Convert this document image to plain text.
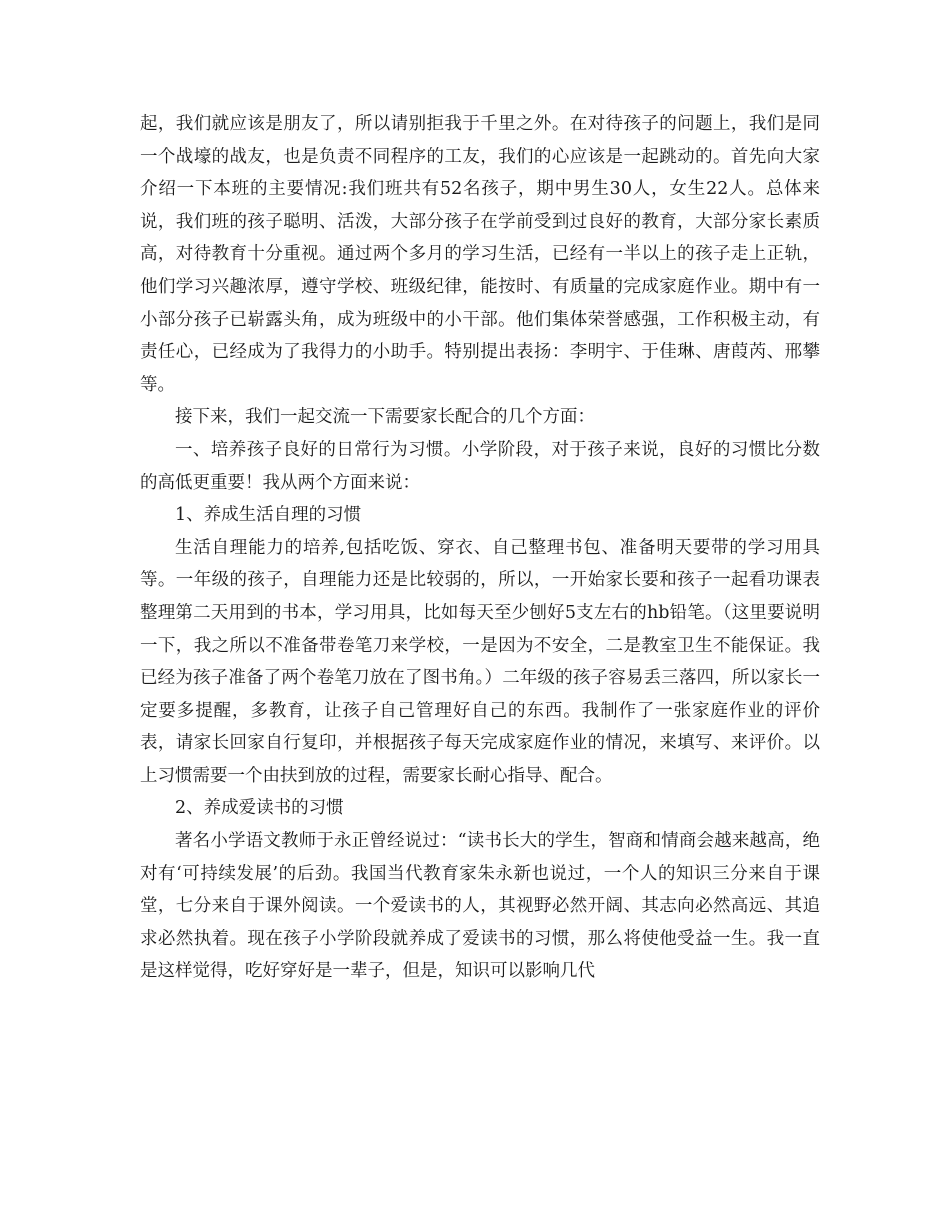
起，我们就应该是朋友了，所以请别拒我于千里之外。在对待孩子的问题上，我们是同一个战壕的战友，也是负责不同程序的工友，我们的心应该是一起跳动的。首先向大家介绍一下本班的主要情况:我们班共有52名孩子，期中男生30人，女生22人。总体来说，我们班的孩子聪明、活泼，大部分孩子在学前受到过良好的教育，大部分家长素质高，对待教育十分重视。通过两个多月的学习生活，已经有一半以上的孩子走上正轨，他们学习兴趣浓厚，遵守学校、班级纪律，能按时、有质量的完成家庭作业。期中有一小部分孩子已崭露头角，成为班级中的小干部。他们集体荣誉感强，工作积极主动，有责任心，已经成为了我得力的小助手。特别提出表扬：李明宇、于佳琳、唐葭芮、邢攀等。

接下来，我们一起交流一下需要家长配合的几个方面：

一、培养孩子良好的日常行为习惯。小学阶段，对于孩子来说，良好的习惯比分数的高低更重要！我从两个方面来说：

1、养成生活自理的习惯

生活自理能力的培养,包括吃饭、穿衣、自己整理书包、准备明天要带的学习用具等。一年级的孩子，自理能力还是比较弱的，所以，一开始家长要和孩子一起看功课表整理第二天用到的书本，学习用具，比如每天至少刨好5支左右的hb铅笔。（这里要说明一下，我之所以不准备带卷笔刀来学校，一是因为不安全，二是教室卫生不能保证。我已经为孩子准备了两个卷笔刀放在了图书角。）二年级的孩子容易丢三落四，所以家长一定要多提醒，多教育，让孩子自己管理好自己的东西。我制作了一张家庭作业的评价表，请家长回家自行复印，并根据孩子每天完成家庭作业的情况，来填写、来评价。以上习惯需要一个由扶到放的过程，需要家长耐心指导、配合。

2、养成爱读书的习惯

著名小学语文教师于永正曾经说过：“读书长大的学生，智商和情商会越来越高，绝对有‘可持续发展’的后劲。我国当代教育家朱永新也说过，一个人的知识三分来自于课堂，七分来自于课外阅读。一个爱读书的人，其视野必然开阔、其志向必然高远、其追求必然执着。现在孩子小学阶段就养成了爱读书的习惯，那么将使他受益一生。我一直是这样觉得，吃好穿好是一辈子，但是，知识可以影响几代
